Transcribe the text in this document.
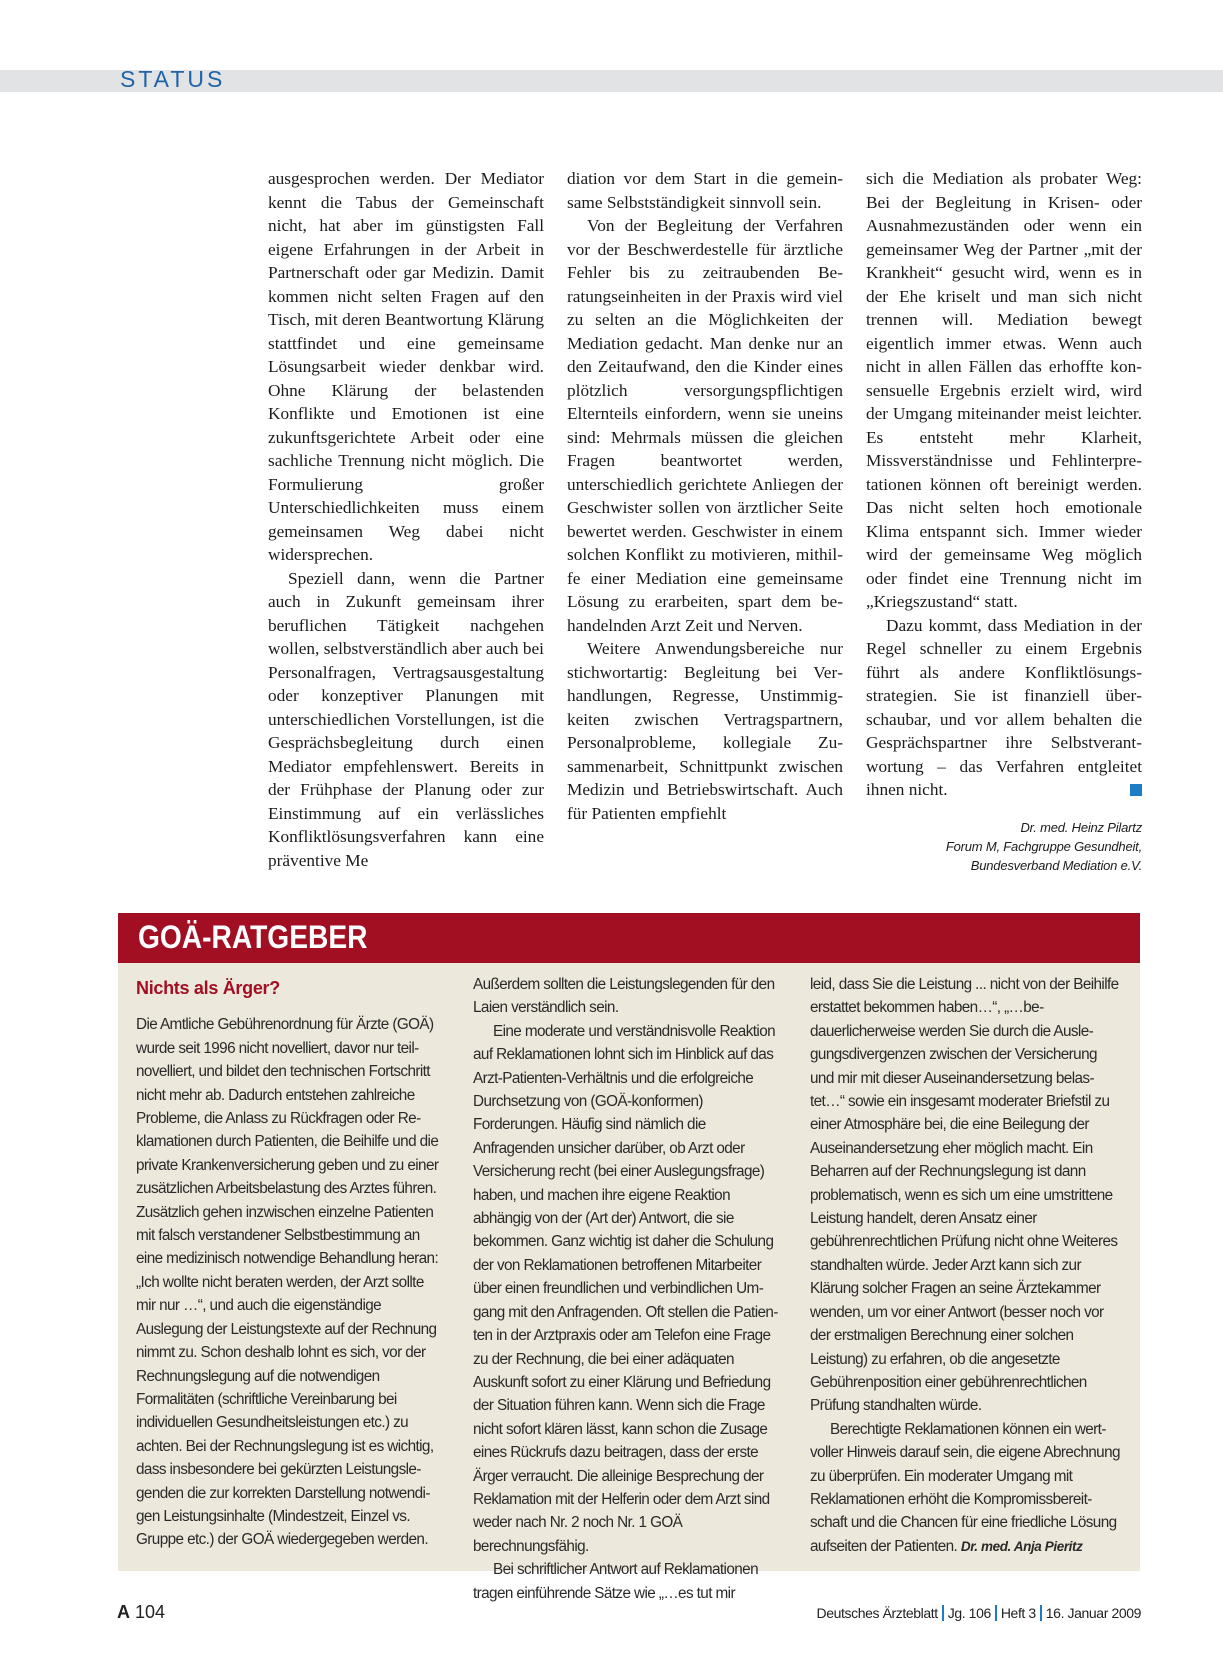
STATUS

ausgesprochen werden. Der Mediator kennt die Tabus der Gemeinschaft nicht, hat aber im günstigsten Fall eigene Erfahrungen in der Arbeit in Partnerschaft oder gar Medizin. Damit kommen nicht selten Fragen auf den Tisch, mit deren Beantwortung Klärung stattfindet und eine gemeinsame Lösungsarbeit wieder denkbar wird. Ohne Klärung der belastenden Konflikte und Emotionen ist eine zukunftsgerichtete Arbeit oder eine sachliche Trennung nicht möglich. Die Formulierung großer Unterschiedlichkeiten muss einem gemeinsamen Weg dabei nicht widersprechen.

Speziell dann, wenn die Partner auch in Zukunft gemeinsam ihrer beruflichen Tätigkeit nachgehen wollen, selbstverständlich aber auch bei Personalfragen, Vertragsausgestaltung oder konzeptiver Planungen mit unterschiedlichen Vorstellungen, ist die Gesprächsbegleitung durch einen Mediator empfehlenswert. Bereits in der Frühphase der Planung oder zur Einstimmung auf ein verlässliches Konfliktlösungsverfahren kann eine präventive Me

diation vor dem Start in die gemeinsame Selbstständigkeit sinnvoll sein.

Von der Begleitung der Verfahren vor der Beschwerdestelle für ärztliche Fehler bis zu zeitraubenden Beratungseinheiten in der Praxis wird viel zu selten an die Möglichkeiten der Mediation gedacht. Man denke nur an den Zeitaufwand, den die Kinder eines plötzlich versorgungspflichtigen Elternteils einfordern, wenn sie uneins sind: Mehrmals müssen die gleichen Fragen beantwortet werden, unterschiedlich gerichtete Anliegen der Geschwister sollen von ärztlicher Seite bewertet werden. Geschwister in einem solchen Konflikt zu motivieren, mithilfe einer Mediation eine gemeinsame Lösung zu erarbeiten, spart dem behandelnden Arzt Zeit und Nerven.

Weitere Anwendungsbereiche nur stichwortartig: Begleitung bei Verhandlungen, Regresse, Unstimmigkeiten zwischen Vertragspartnern, Personalprobleme, kollegiale Zusammenarbeit, Schnittpunkt zwischen Medizin und Betriebswirtschaft. Auch für Patienten empfiehlt

sich die Mediation als probater Weg: Bei der Begleitung in Krisen- oder Ausnahmezuständen oder wenn ein gemeinsamer Weg der Partner „mit der Krankheit“ gesucht wird, wenn es in der Ehe kriselt und man sich nicht trennen will. Mediation bewegt eigentlich immer etwas. Wenn auch nicht in allen Fällen das erhoffte konsensuelle Ergebnis erzielt wird, wird der Umgang miteinander meist leichter. Es entsteht mehr Klarheit, Missverständnisse und Fehlinterpretationen können oft bereinigt werden. Das nicht selten hoch emotionale Klima entspannt sich. Immer wieder wird der gemeinsame Weg möglich oder findet eine Trennung nicht im „Kriegszustand“ statt.

Dazu kommt, dass Mediation in der Regel schneller zu einem Ergebnis führt als andere Konfliktlösungsstrategien. Sie ist finanziell überschaubar, und vor allem behalten die Gesprächspartner ihre Selbstverantwortung – das Verfahren entgleitet ihnen nicht.

Dr. med. Heinz Pilartz
Forum M, Fachgruppe Gesundheit,
Bundesverband Mediation e.V.
GOÄ-RATGEBER
Nichts als Ärger?

Die Amtliche Gebührenordnung für Ärzte (GOÄ) wurde seit 1996 nicht novelliert, davor nur teilnovelliert, und bildet den technischen Fortschritt nicht mehr ab. Dadurch entstehen zahlreiche Probleme, die Anlass zu Rückfragen oder Reklamationen durch Patienten, die Beihilfe und die private Krankenversicherung geben und zu einer zusätzlichen Arbeitsbelastung des Arztes führen. Zusätzlich gehen inzwischen einzelne Patienten mit falsch verstandener Selbstbestimmung an eine medizinisch notwendige Behandlung heran: „Ich wollte nicht beraten werden, der Arzt sollte mir nur …“, und auch die eigenständige Auslegung der Leistungstexte auf der Rechnung nimmt zu. Schon deshalb lohnt es sich, vor der Rechnungslegung auf die notwendigen Formalitäten (schriftliche Vereinbarung bei individuellen Gesundheitsleistungen etc.) zu achten. Bei der Rechnungslegung ist es wichtig, dass insbesondere bei gekürzten Leistungslegenden die zur korrekten Darstellung notwendigen Leistungsinhalte (Mindestzeit, Einzel vs. Gruppe etc.) der GOÄ wiedergegeben werden.

Außerdem sollten die Leistungslegenden für den Laien verständlich sein.

Eine moderate und verständnisvolle Reaktion auf Reklamationen lohnt sich im Hinblick auf das Arzt-Patienten-Verhältnis und die erfolgreiche Durchsetzung von (GOÄ-konformen) Forderungen. Häufig sind nämlich die Anfragenden unsicher darüber, ob Arzt oder Versicherung recht (bei einer Auslegungsfrage) haben, und machen ihre eigene Reaktion abhängig von der (Art der) Antwort, die sie bekommen. Ganz wichtig ist daher die Schulung der von Reklamationen betroffenen Mitarbeiter über einen freundlichen und verbindlichen Umgang mit den Anfragenden. Oft stellen die Patienten in der Arztpraxis oder am Telefon eine Frage zu der Rechnung, die bei einer adäquaten Auskunft sofort zu einer Klärung und Befriedung der Situation führen kann. Wenn sich die Frage nicht sofort klären lässt, kann schon die Zusage eines Rückrufs dazu beitragen, dass der erste Ärger verraucht. Die alleinige Besprechung der Reklamation mit der Helferin oder dem Arzt sind weder nach Nr. 2 noch Nr. 1 GOÄ berechnungsfähig.

Bei schriftlicher Antwort auf Reklamationen tragen einführende Sätze wie „…es tut mir

leid, dass Sie die Leistung ... nicht von der Beihilfe erstattet bekommen haben…“, „…bedauerlicherweise werden Sie durch die Auslegungsdivergenzen zwischen der Versicherung und mir mit dieser Auseinandersetzung belastet…“ sowie ein insgesamt moderater Briefstil zu einer Atmosphäre bei, die eine Beilegung der Auseinandersetzung eher möglich macht. Ein Beharren auf der Rechnungslegung ist dann problematisch, wenn es sich um eine umstrittene Leistung handelt, deren Ansatz einer gebührenrechtlichen Prüfung nicht ohne Weiteres standhalten würde. Jeder Arzt kann sich zur Klärung solcher Fragen an seine Ärztekammer wenden, um vor einer Antwort (besser noch vor der erstmaligen Berechnung einer solchen Leistung) zu erfahren, ob die angesetzte Gebührenposition einer gebührenrechtlichen Prüfung standhalten würde.

Berechtigte Reklamationen können ein wertvoller Hinweis darauf sein, die eigene Abrechnung zu überprüfen. Ein moderater Umgang mit Reklamationen erhöht die Kompromissbereitschaft und die Chancen für eine friedliche Lösung aufseiten der Patienten. Dr. med. Anja Pieritz

A 104	Deutsches Ärzteblatt Jg. 106 Heft 3 16. Januar 2009
